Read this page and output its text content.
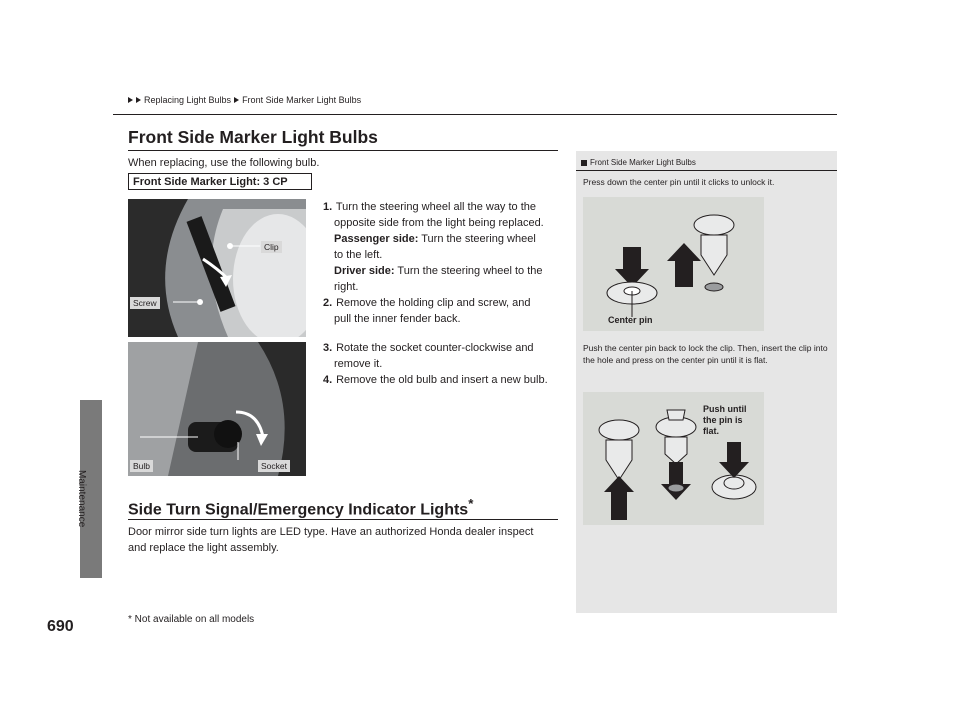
Maintenance
690
Replacing Light Bulbs Front Side Marker Light Bulbs
Front Side Marker Light Bulbs
When replacing, use the following bulb.
Front Side Marker Light: 3 CP
Clip
Screw
Bulb	Socket
1. Turn the steering wheel all the way to the
opposite side from the light being replaced.
Passenger side: Turn the steering wheel
to the left.
Driver side: Turn the steering wheel to the
right.
2. Remove the holding clip and screw, and
pull the inner fender back.
3. Rotate the socket counter-clockwise and
remove it.
4. Remove the old bulb and insert a new bulb.
Side Turn Signal/Emergency Indicator Lights*
Door mirror side turn lights are LED type. Have an authorized Honda dealer inspect
and replace the light assembly.
* Not available on all models
Front Side Marker Light Bulbs
Press down the center pin until it clicks to unlock it.
Center pin
Push the center pin back to lock the clip. Then, insert the clip into the hole and press on the center pin until it is flat.
Push until
the pin is
flat.
